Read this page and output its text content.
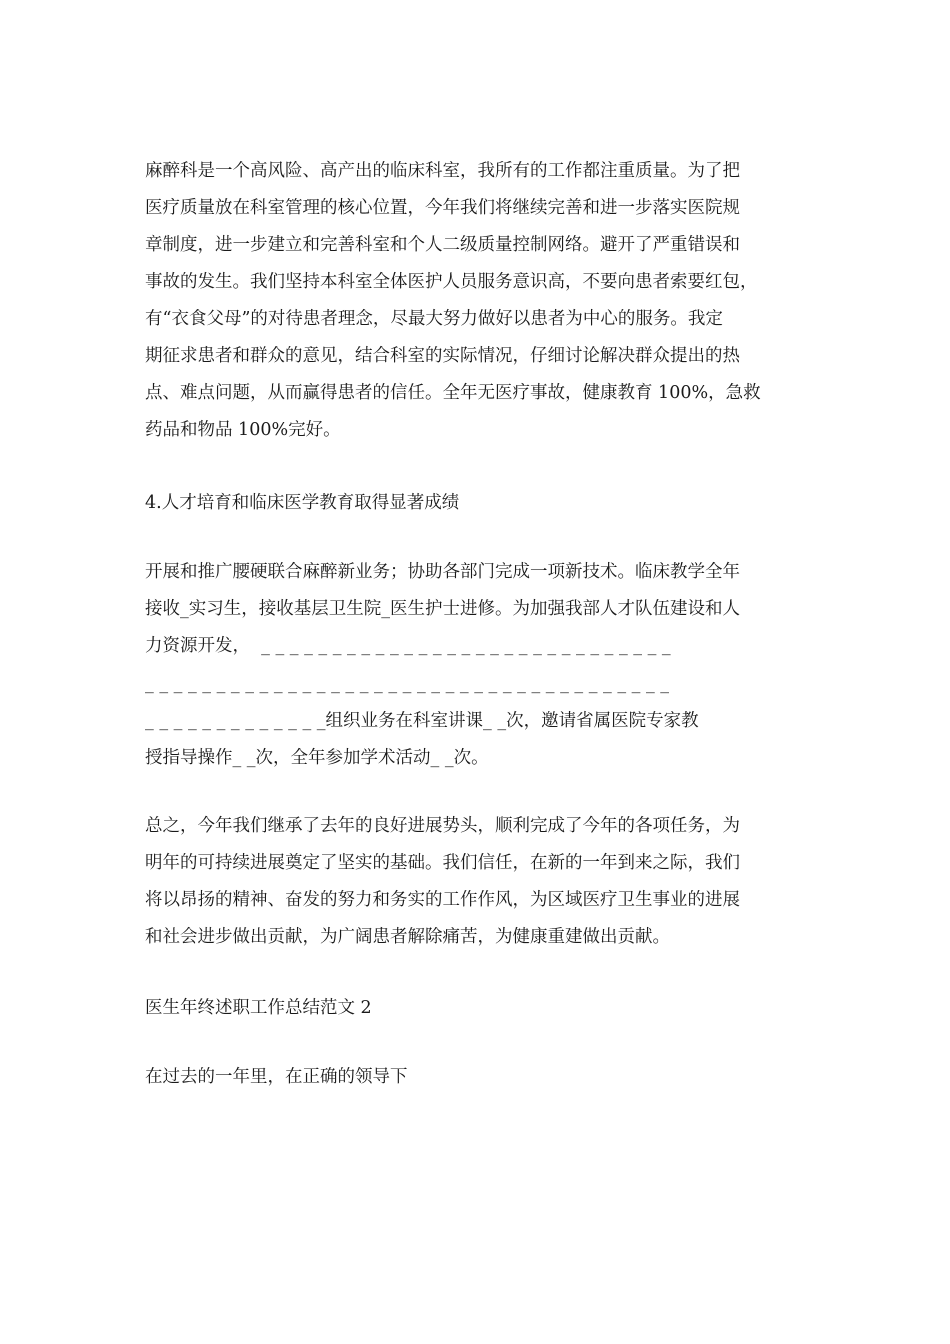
麻醉科是一个高风险、高产出的临床科室，我所有的工作都注重质量。为了把
医疗质量放在科室管理的核心位置，今年我们将继续完善和进一步落实医院规
章制度，进一步建立和完善科室和个人二级质量控制网络。避开了严重错误和
事故的发生。我们坚持本科室全体医护人员服务意识高，不要向患者索要红包，
有“衣食父母”的对待患者理念，尽最大努力做好以患者为中心的服务。我定
期征求患者和群众的意见，结合科室的实际情况，仔细讨论解决群众提出的热
点、难点问题，从而赢得患者的信任。全年无医疗事故，健康教育 100%，急救
药品和物品 100%完好。
4.人才培育和临床医学教育取得显著成绩
开展和推广腰硬联合麻醉新业务；协助各部门完成一项新技术。临床教学全年
接收_实习生，接收基层卫生院_医生护士进修。为加强我部人才队伍建设和人
力资源开发，  _ _ _ _ _ _ _ _ _ _ _ _ _ _ _ _ _ _ _ _ _ _ _ _ _ _ _ _ _
_ _ _ _ _ _ _ _ _ _ _ _ _ _ _ _ _ _ _ _ _ _ _ _ _ _ _ _ _ _ _ _ _ _ _ _ _
_ _ _ _ _ _ _ _ _ _ _ _ _组织业务在科室讲课_ _次，邀请省属医院专家教
授指导操作_ _次，全年参加学术活动_ _次。
总之，今年我们继承了去年的良好进展势头，顺利完成了今年的各项任务，为
明年的可持续进展奠定了坚实的基础。我们信任，在新的一年到来之际，我们
将以昂扬的精神、奋发的努力和务实的工作作风，为区域医疗卫生事业的进展
和社会进步做出贡献，为广阔患者解除痛苦，为健康重建做出贡献。
医生年终述职工作总结范文 2
在过去的一年里，在正确的领导下
